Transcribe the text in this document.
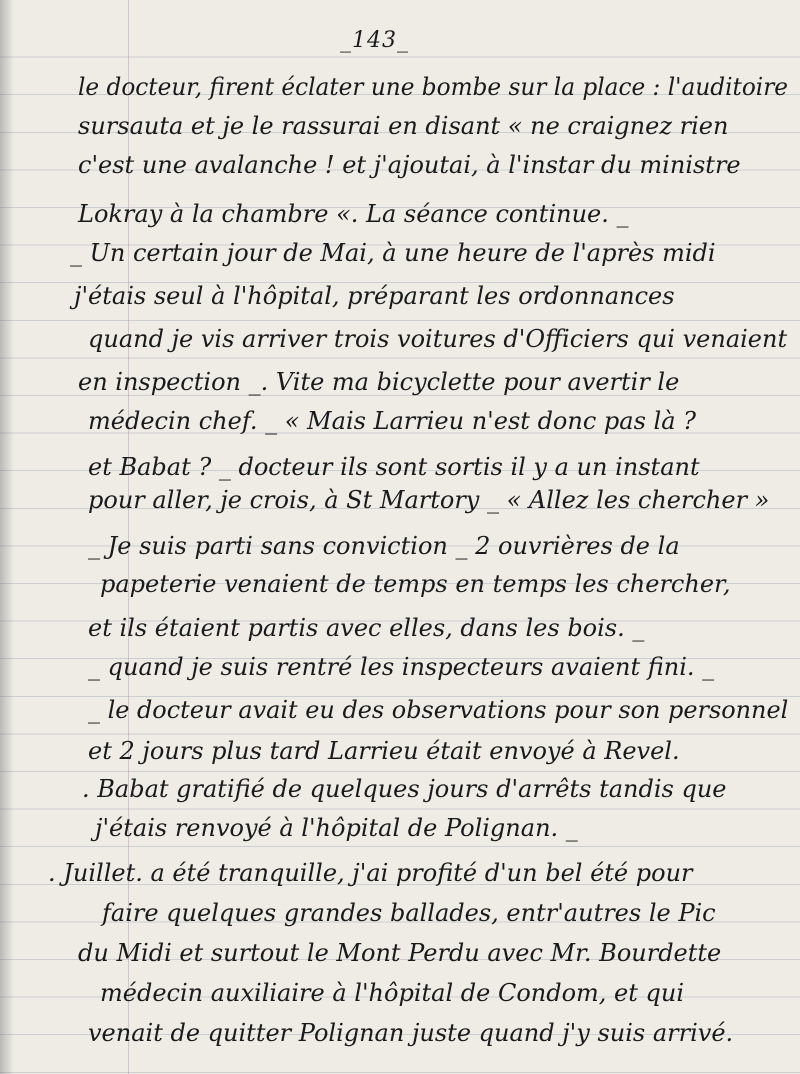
_143_
le docteur, firent éclater une bombe sur la place : l'auditoire
sursauta et je le rassurai en disant « ne craignez rien
c'est une avalanche ! et j'ajoutai, à l'instar du ministre
Lokray à la chambre «. La séance continue. _
_ Un certain jour de Mai, à une heure de l'après midi
j'étais seul à l'hôpital, préparant les ordonnances
quand je vis arriver trois voitures d'Officiers qui venaient
en inspection _. Vite ma bicyclette pour avertir le
médecin chef. _ « Mais Larrieu n'est donc pas là ?
et Babat ? _ docteur ils sont sortis il y a un instant
pour aller, je crois, à St Martory _ « Allez les chercher »
_ Je suis parti sans conviction _ 2 ouvrières de la
papeterie venaient de temps en temps les chercher,
et ils étaient partis avec elles, dans les bois. _
_ quand je suis rentré les inspecteurs avaient fini. _
_ le docteur avait eu des observations pour son personnel
et 2 jours plus tard Larrieu était envoyé à Revel.
. Babat gratifié de quelques jours d'arrêts tandis que
j'étais renvoyé à l'hôpital de Polignan. _
. Juillet. a été tranquille, j'ai profité d'un bel été pour
faire quelques grandes ballades, entr'autres le Pic
du Midi et surtout le Mont Perdu avec Mr. Bourdette
médecin auxiliaire à l'hôpital de Condom, et qui
venait de quitter Polignan juste quand j'y suis arrivé.
